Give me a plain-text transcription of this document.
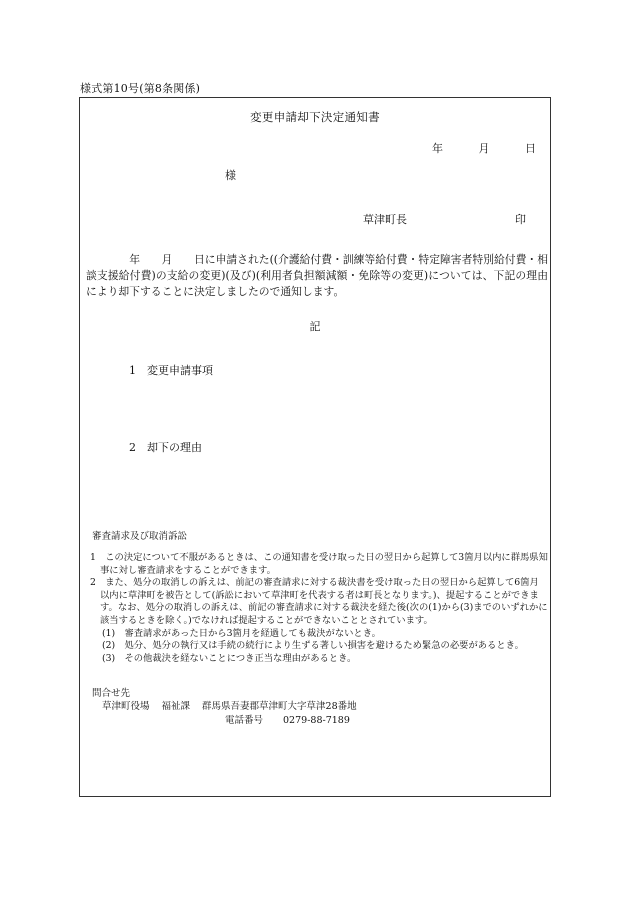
様式第10号(第8条関係)
変更申請却下決定通知書
年	月	日
様
草津町長	印

　　　　年　　月　　日に申請された((介護給付費・訓練等給付費・特定障害者特別給付費・相談支援給付費)の支給の変更)(及び)(利用者負担額減額・免除等の変更)については、下記の理由により却下することに決定しましたので通知します。

記
1　 変更申請事項
2　 却下の理由
審査請求及び取消訴訟

1　この決定について不服があるときは、この通知書を受け取った日の翌日から起算して3箇月以内に群馬県知事に対し審査請求をすることができます。

2　また、処分の取消しの訴えは、前記の審査請求に対する裁決書を受け取った日の翌日から起算して6箇月以内に草津町を被告として(訴訟において草津町を代表する者は町長となります。)、提起することができます。なお、処分の取消しの訴えは、前記の審査請求に対する裁決を経た後(次の(1)から(3)までのいずれかに該当するときを除く。)でなければ提起することができないこととされています。

(1)　審査請求があった日から3箇月を経過しても裁決がないとき。

(2)　処分、処分の執行又は手続の続行により生ずる著しい損害を避けるため緊急の必要があるとき。

(3)　その他裁決を経ないことにつき正当な理由があるとき。

問合せ先
草津町役場 福祉課 群馬県吾妻郡草津町大字草津28番地
電話番号 0279-88-7189
